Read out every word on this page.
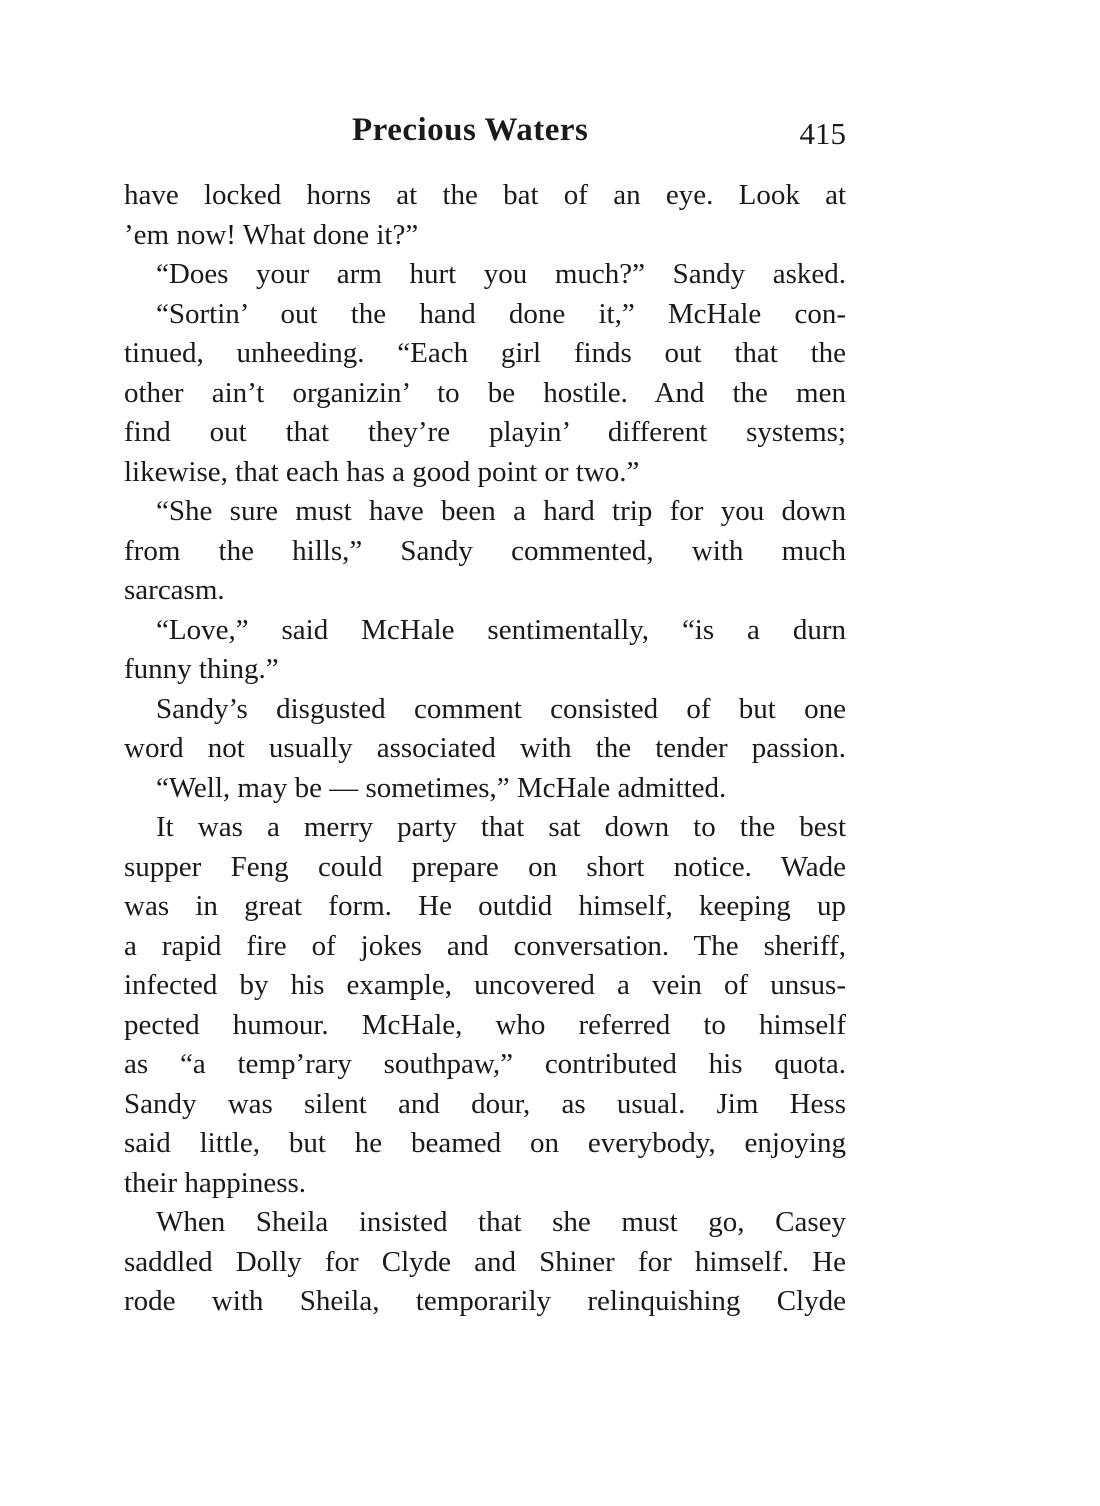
Precious Waters	415
have locked horns at the bat of an eye. Look at
’em now! What done it?”
“Does your arm hurt you much?” Sandy asked.
“Sortin’ out the hand done it,” McHale con-
tinued, unheeding. “Each girl finds out that the
other ain’t organizin’ to be hostile. And the men
find out that they’re playin’ different systems;
likewise, that each has a good point or two.”
“She sure must have been a hard trip for you down
from the hills,” Sandy commented, with much
sarcasm.
“Love,” said McHale sentimentally, “is a durn
funny thing.”
Sandy’s disgusted comment consisted of but one
word not usually associated with the tender passion.
“Well, may be — sometimes,” McHale admitted.
It was a merry party that sat down to the best
supper Feng could prepare on short notice. Wade
was in great form. He outdid himself, keeping up
a rapid fire of jokes and conversation. The sheriff,
infected by his example, uncovered a vein of unsus-
pected humour. McHale, who referred to himself
as “a temp’rary southpaw,” contributed his quota.
Sandy was silent and dour, as usual. Jim Hess
said little, but he beamed on everybody, enjoying
their happiness.
When Sheila insisted that she must go, Casey
saddled Dolly for Clyde and Shiner for himself. He
rode with Sheila, temporarily relinquishing Clyde
